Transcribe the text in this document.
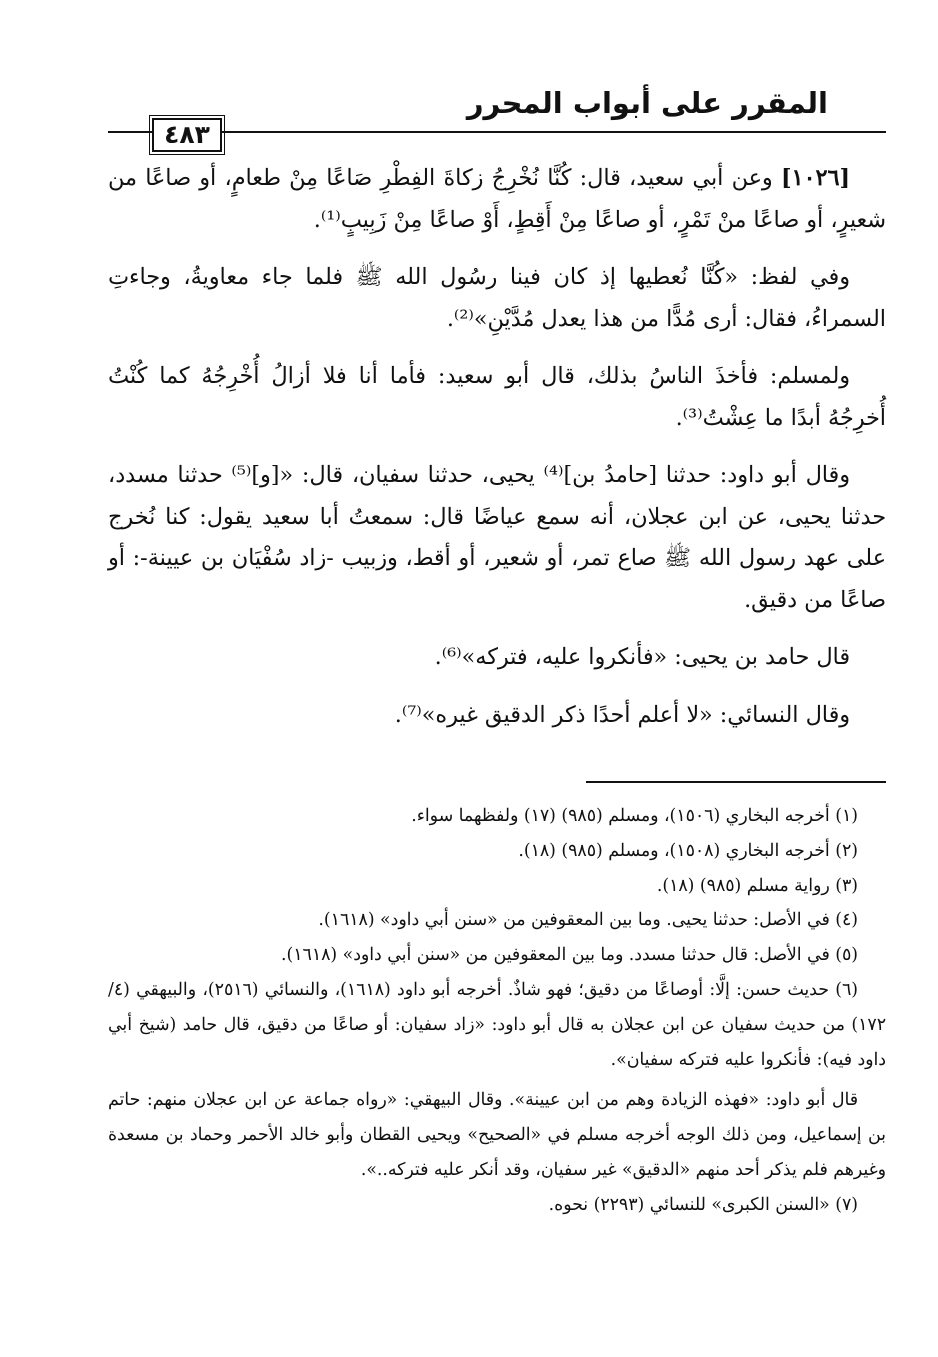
المقرر على أبواب المحرر
٤٨٣

[١٠٢٦] وعن أبي سعيد، قال: كُنَّا نُخْرِجُ زكاةَ الفِطْرِ صَاعًا مِنْ طعامٍ، أو صاعًا من شعيرٍ، أو صاعًا منْ تَمْرٍ، أو صاعًا مِنْ أَقِطٍ، أَوْ صاعًا مِنْ زَبِيبٍ⁽¹⁾.

وفي لفظ: «كُنَّا نُعطيها إذ كان فينا رسُول الله ﷺ فلما جاء معاويةُ، وجاءتِ السمراءُ، فقال: أرى مُدًّا من هذا يعدل مُدَّيْنِ»⁽²⁾.

ولمسلم: فأخذَ الناسُ بذلك، قال أبو سعيد: فأما أنا فلا أزالُ أُخْرِجُهُ كما كُنْتُ أُخرِجُهُ أبدًا ما عِشْتُ⁽³⁾.

وقال أبو داود: حدثنا [حامدُ بن]⁽⁴⁾ يحيى، حدثنا سفيان، قال: «[و]⁽⁵⁾ حدثنا مسدد، حدثنا يحيى، عن ابن عجلان، أنه سمع عياضًا قال: سمعتُ أبا سعيد يقول: كنا نُخرج على عهد رسول الله ﷺ صاع تمر، أو شعير، أو أقط، وزبيب -زاد سُفْيَان بن عيينة-: أو صاعًا من دقيق.

قال حامد بن يحيى: «فأنكروا عليه، فتركه»⁽⁶⁾.

وقال النسائي: «لا أعلم أحدًا ذكر الدقيق غيره»⁽⁷⁾.

(١) أخرجه البخاري (١٥٠٦)، ومسلم (٩٨٥) (١٧) ولفظهما سواء.

(٢) أخرجه البخاري (١٥٠٨)، ومسلم (٩٨٥) (١٨).

(٣) رواية مسلم (٩٨٥) (١٨).

(٤) في الأصل: حدثنا يحيى. وما بين المعقوفين من «سنن أبي داود» (١٦١٨).

(٥) في الأصل: قال حدثنا مسدد. وما بين المعقوفين من «سنن أبي داود» (١٦١٨).

(٦) حديث حسن: إلَّا: أوصاعًا من دقيق؛ فهو شاذٌ. أخرجه أبو داود (١٦١٨)، والنسائي (٢٥١٦)، والبيهقي (٤/ ١٧٢) من حديث سفيان عن ابن عجلان به قال أبو داود: «زاد سفيان: أو صاعًا من دقيق، قال حامد (شيخ أبي داود فيه): فأنكروا عليه فتركه سفيان».

قال أبو داود: «فهذه الزيادة وهم من ابن عيينة». وقال البيهقي: «رواه جماعة عن ابن عجلان منهم: حاتم بن إسماعيل، ومن ذلك الوجه أخرجه مسلم في «الصحيح» ويحيى القطان وأبو خالد الأحمر وحماد بن مسعدة وغيرهم فلم يذكر أحد منهم «الدقيق» غير سفيان، وقد أنكر عليه فتركه..».

(٧) «السنن الكبرى» للنسائي (٢٢٩٣) نحوه.
